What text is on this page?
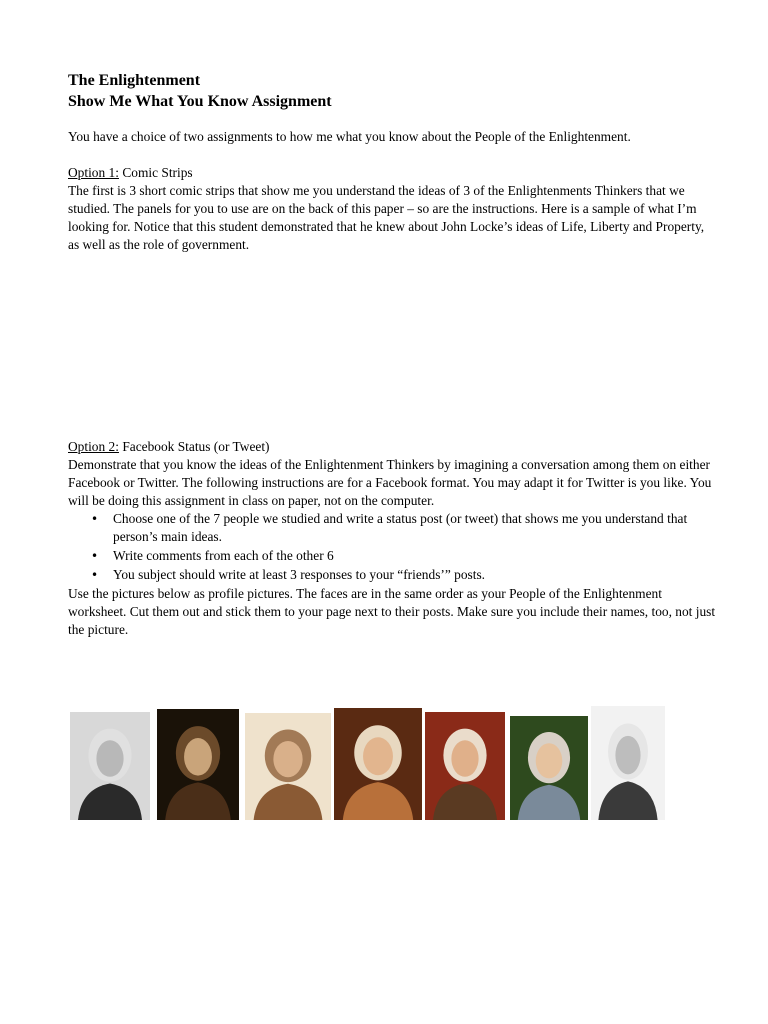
The Enlightenment
Show Me What You Know Assignment

You have a choice of two assignments to how me what you know about the People of the Enlightenment.

Option 1: Comic Strips

The first is 3 short comic strips that show me you understand the ideas of 3 of the Enlightenments Thinkers that we studied. The panels for you to use are on the back of this paper – so are the instructions. Here is a sample of what I’m looking for. Notice that this student demonstrated that he knew about John Locke’s ideas of Life, Liberty and Property, as well as the role of government.

Option 2: Facebook Status (or Tweet)

Demonstrate that you know the ideas of the Enlightenment Thinkers by imagining a conversation among them on either Facebook or Twitter. The following instructions are for a Facebook format. You may adapt it for Twitter is you like. You will be doing this assignment in class on paper, not on the computer.

• Choose one of the 7 people we studied and write a status post (or tweet) that shows me you understand that person’s main ideas.
• Write comments from each of the other 6
• You subject should write at least 3 responses to your “friends’” posts.

Use the pictures below as profile pictures. The faces are in the same order as your People of the Enlightenment worksheet. Cut them out and stick them to your page next to their posts. Make sure you include their names, too, not just the picture.
